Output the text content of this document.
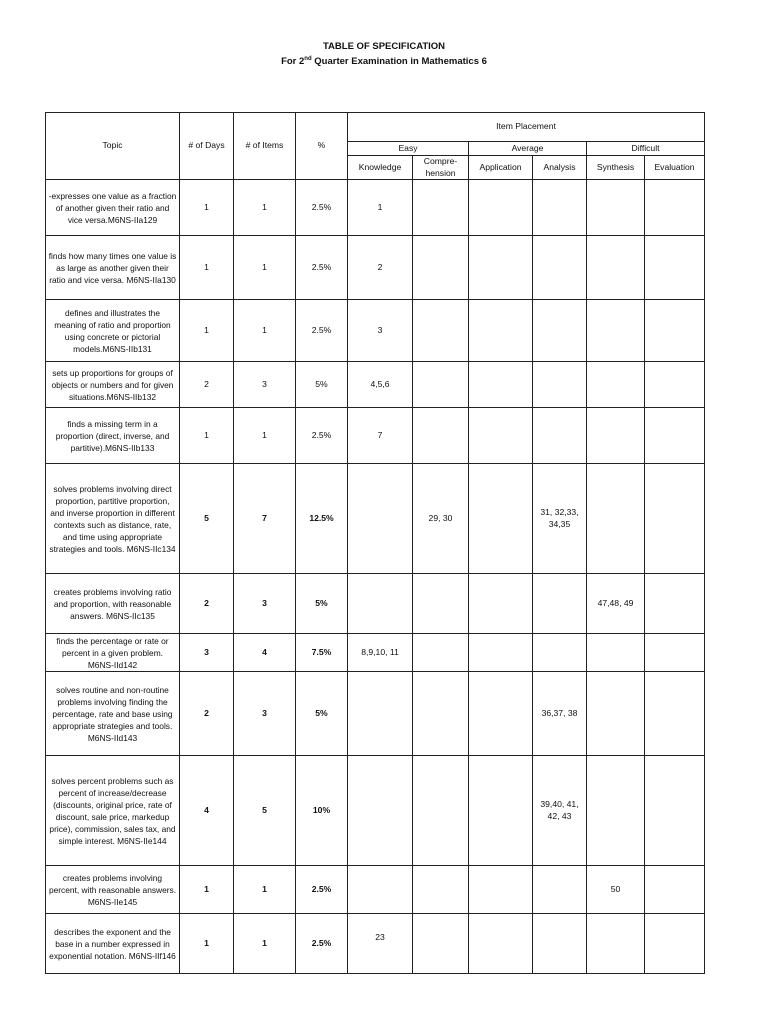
TABLE OF SPECIFICATION
For 2nd Quarter Examination in Mathematics 6
Topic	# of Days	# of Items	%	Item Placement					
				Easy		Average		Difficult	
				Knowledge	Compre-hension	Application	Analysis	Synthesis	Evaluation
-expresses one value as a fraction of another given their ratio and vice versa.M6NS-IIa129	1	1	2.5%	1					
finds how many times one value is as large as another given their ratio and vice versa. M6NS-IIa130	1	1	2.5%	2					
defines and illustrates the meaning of ratio and proportion using concrete or pictorial models.M6NS-IIb131	1	1	2.5%	3					
sets up proportions for groups of objects or numbers and for given situations.M6NS-IIb132	2	3	5%	4,5,6					
finds a missing term in a proportion (direct, inverse, and partitive).M6NS-IIb133	1	1	2.5%	7					
solves problems involving direct proportion, partitive proportion, and inverse proportion in different contexts such as distance, rate, and time using appropriate strategies and tools. M6NS-IIc134	5	7	12.5%		29, 30		31, 32,33, 34,35		
creates problems involving ratio and proportion, with reasonable answers. M6NS-IIc135	2	3	5%					47,48, 49	
finds the percentage or rate or percent in a given problem. M6NS-IId142	3	4	7.5%	8,9,10, 11					
solves routine and non-routine problems involving finding the percentage, rate and base using appropriate strategies and tools. M6NS-IId143	2	3	5%				36,37, 38		
solves percent problems such as percent of increase/decrease (discounts, original price, rate of discount, sale price, markedup price), commission, sales tax, and simple interest. M6NS-IIe144	4	5	10%				39,40, 41, 42, 43		
creates problems involving percent, with reasonable answers. M6NS-IIe145	1	1	2.5%					50	
describes the exponent and the base in a number expressed in exponential notation. M6NS-IIf146	1	1	2.5%	23					
